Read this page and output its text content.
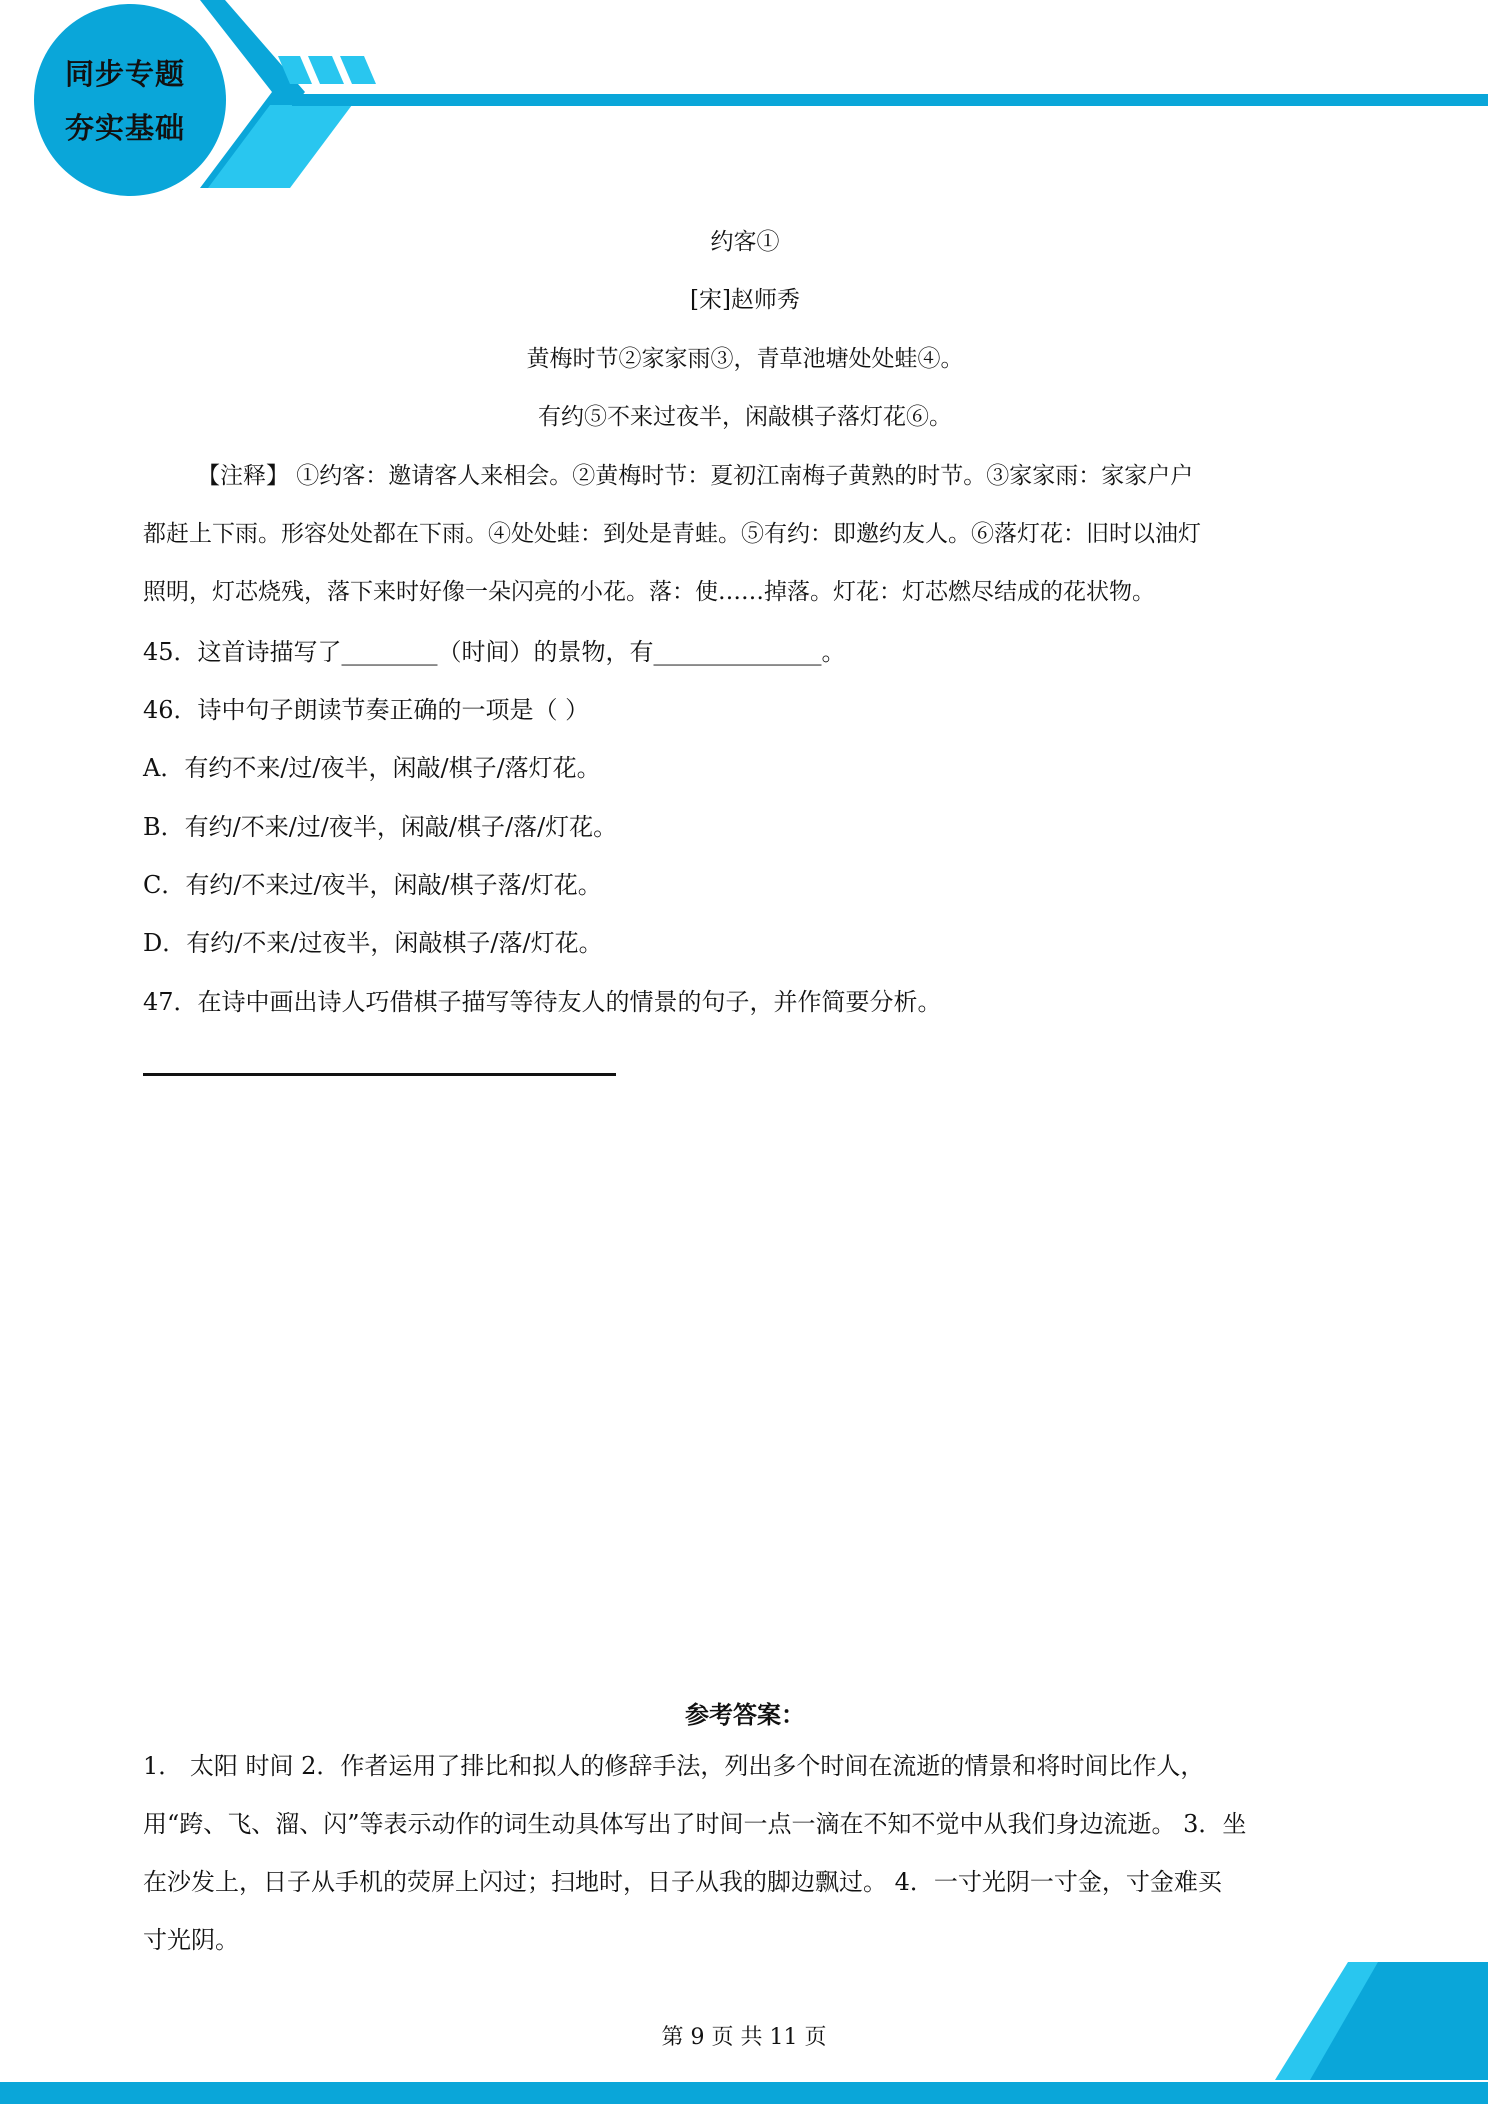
同步专题
夯实基础
约客①
[宋]赵师秀
黄梅时节②家家雨③，青草池塘处处蛙④。
有约⑤不来过夜半，闲敲棋子落灯花⑥。
【注释】 ①约客：邀请客人来相会。②黄梅时节：夏初江南梅子黄熟的时节。③家家雨：家家户户
都赶上下雨。形容处处都在下雨。④处处蛙：到处是青蛙。⑤有约：即邀约友人。⑥落灯花：旧时以油灯
照明，灯芯烧残，落下来时好像一朵闪亮的小花。落：使……掉落。灯花：灯芯燃尽结成的花状物。
45．这首诗描写了________（时间）的景物，有______________。
46．诗中句子朗读节奏正确的一项是（ ）
A．有约不来/过/夜半，闲敲/棋子/落灯花。
B．有约/不来/过/夜半，闲敲/棋子/落/灯花。
C．有约/不来过/夜半，闲敲/棋子落/灯花。
D．有约/不来/过夜半，闲敲棋子/落/灯花。
47．在诗中画出诗人巧借棋子描写等待友人的情景的句子，并作简要分析。
参考答案：
1． 太阳 时间 2．作者运用了排比和拟人的修辞手法，列出多个时间在流逝的情景和将时间比作人，
用“跨、飞、溜、闪”等表示动作的词生动具体写出了时间一点一滴在不知不觉中从我们身边流逝。 3．坐
在沙发上，日子从手机的荧屏上闪过；扫地时，日子从我的脚边飘过。 4．一寸光阴一寸金，寸金难买
寸光阴。
第 9 页 共 11 页
